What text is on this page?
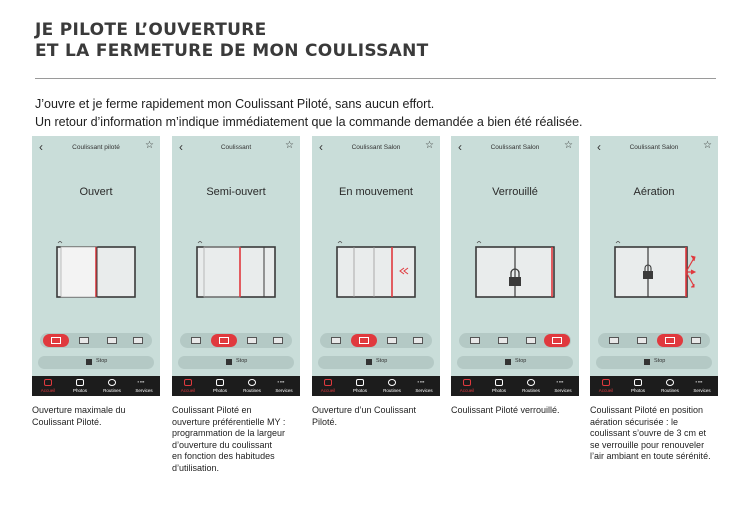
JE PILOTE L’OUVERTURE
ET LA FERMETURE DE MON COULISSANT
J’ouvre et je ferme rapidement mon Coulissant Piloté, sans aucun effort.
Un retour d’information m’indique immédiatement que la commande demandée a bien été réalisée.
‹	Coulissant piloté	☆
Ouvert
Stop
Accueil	Photos	Routines
▪ ▪▪▪
Services
Ouverture maximale du
Coulissant Piloté.
‹	Coulissant	☆
Semi-ouvert
Stop
Accueil	Photos	Routines
▪ ▪▪▪
Services
Coulissant Piloté en
ouverture préférentielle MY :
programmation de la largeur
d’ouverture du coulissant
en fonction des habitudes
d’utilisation.
‹	Coulissant Salon	☆
En mouvement
Stop
Accueil	Photos	Routines
▪ ▪▪▪
Services
Ouverture d’un Coulissant
Piloté.
‹	Coulissant Salon	☆
Verrouillé
Stop
Accueil	Photos	Routines
▪ ▪▪▪
Services
Coulissant Piloté verrouillé.
‹	Coulissant Salon	☆
Aération
Stop
Accueil	Photos	Routines
▪ ▪▪▪
Services
Coulissant Piloté en position
aération sécurisée : le
coulissant s’ouvre de 3 cm et
se verrouille pour renouveler
l’air ambiant en toute sérénité.
